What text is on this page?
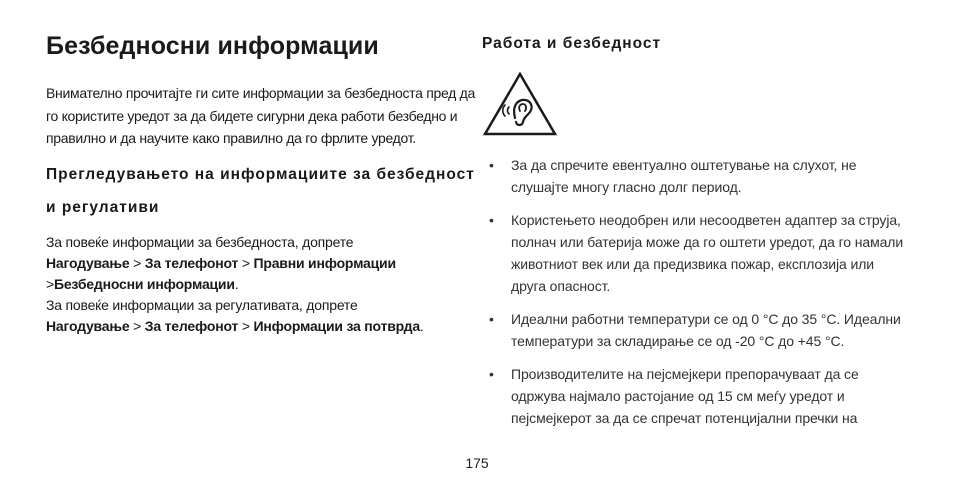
Безбедносни информации

Внимателно прочитајте ги сите информации за безбедноста пред да го користите уредот за да бидете сигурни дека работи безбедно и правилно и да научите како правилно да го фрлите уредот.

Прегледувањето на информациите за безбедност и регулативи

За повеќе информации за безбедноста, допрете
Нагодување > За телефонот > Правни информации
>Безбедносни информации.
За повеќе информации за регулативата, допрете
Нагодување > За телефонот > Информации за потврда.

Работа и безбедност
• За да спречите евентуално оштетување на слухот, не слушајте многу гласно долг период.
• Користењето неодобрен или несоодветен адаптер за струја, полнач или батерија може да го оштети уредот, да го намали животниот век или да предизвика пожар, експлозија или друга опасност.
• Идеални работни температури се од 0 °C до 35 °C. Идеални температури за складирање се од -20 °C до +45 °C.
• Производителите на пејсмејкери препорачуваат да се одржува најмало растојание од 15 см меѓу уредот и пејсмејкерот за да се спречат потенцијални пречки на
175
